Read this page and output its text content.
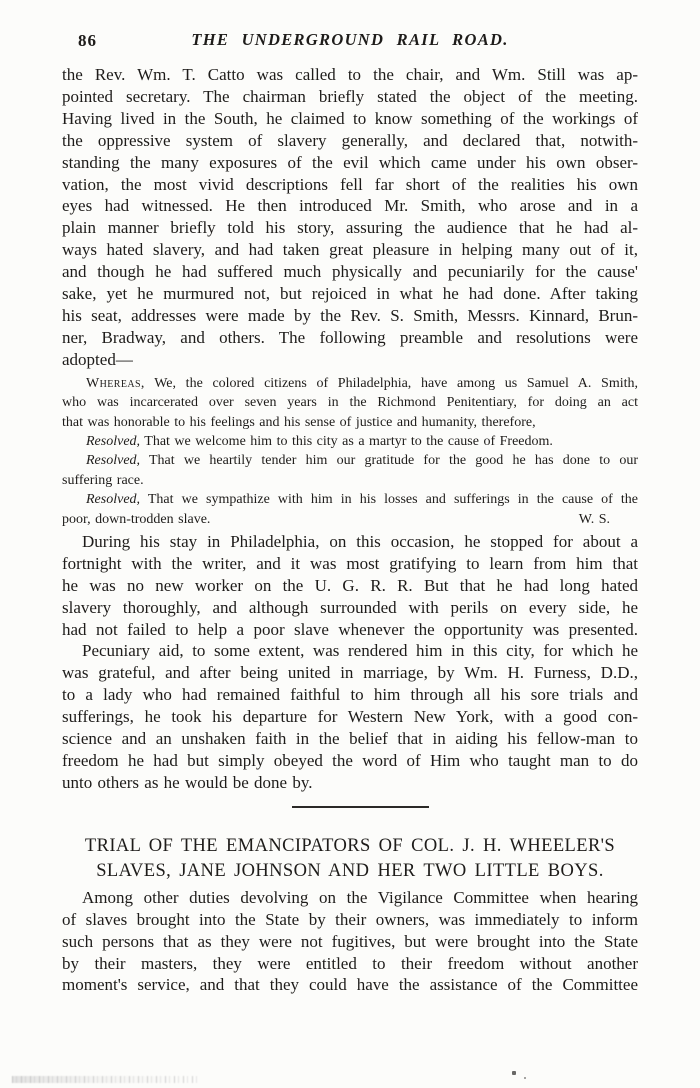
86	THE UNDERGROUND RAIL ROAD.
the Rev. Wm. T. Catto was called to the chair, and Wm. Still was ap-
pointed secretary. The chairman briefly stated the object of the meeting.
Having lived in the South, he claimed to know something of the workings of
the oppressive system of slavery generally, and declared that, notwith-
standing the many exposures of the evil which came under his own obser-
vation, the most vivid descriptions fell far short of the realities his own
eyes had witnessed. He then introduced Mr. Smith, who arose and in a
plain manner briefly told his story, assuring the audience that he had al-
ways hated slavery, and had taken great pleasure in helping many out of it,
and though he had suffered much physically and pecuniarily for the cause'
sake, yet he murmured not, but rejoiced in what he had done. After taking
his seat, addresses were made by the Rev. S. Smith, Messrs. Kinnard, Brun-
ner, Bradway, and others. The following preamble and resolutions were
adopted—
Whereas, We, the colored citizens of Philadelphia, have among us Samuel A. Smith,
who was incarcerated over seven years in the Richmond Penitentiary, for doing an act
that was honorable to his feelings and his sense of justice and humanity, therefore,
Resolved, That we welcome him to this city as a martyr to the cause of Freedom.
Resolved, That we heartily tender him our gratitude for the good he has done to our
suffering race.
Resolved, That we sympathize with him in his losses and sufferings in the cause of the
poor, down-trodden slave.	W. S.
During his stay in Philadelphia, on this occasion, he stopped for about a
fortnight with the writer, and it was most gratifying to learn from him that
he was no new worker on the U. G. R. R. But that he had long hated
slavery thoroughly, and although surrounded with perils on every side, he
had not failed to help a poor slave whenever the opportunity was presented.
Pecuniary aid, to some extent, was rendered him in this city, for which he
was grateful, and after being united in marriage, by Wm. H. Furness, D.D.,
to a lady who had remained faithful to him through all his sore trials and
sufferings, he took his departure for Western New York, with a good con-
science and an unshaken faith in the belief that in aiding his fellow-man to
freedom he had but simply obeyed the word of Him who taught man to do
unto others as he would be done by.
TRIAL OF THE EMANCIPATORS OF COL. J. H. WHEELER'S
SLAVES, JANE JOHNSON AND HER TWO LITTLE BOYS.
Among other duties devolving on the Vigilance Committee when hearing
of slaves brought into the State by their owners, was immediately to inform
such persons that as they were not fugitives, but were brought into the State
by their masters, they were entitled to their freedom without another
moment's service, and that they could have the assistance of the Committee
